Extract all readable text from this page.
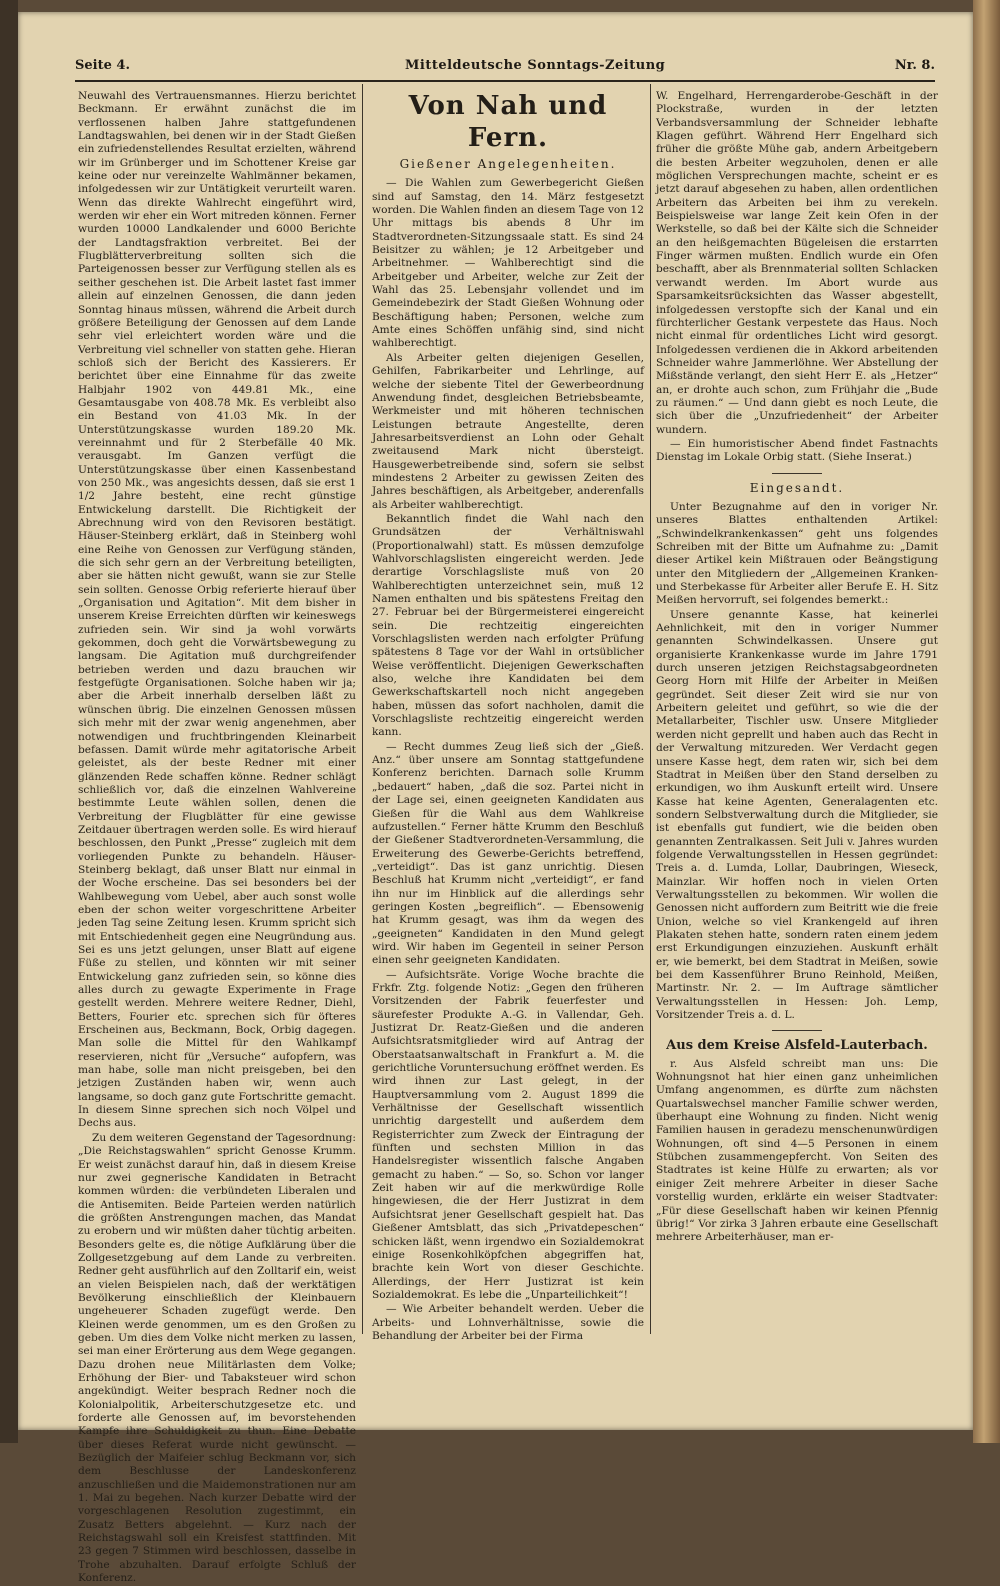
Seite 4.	Mitteldeutsche Sonntags-Zeitung	Nr. 8.

Neuwahl des Vertrauensmannes. Hierzu berichtet Beckmann. Er erwähnt zunächst die im verflossenen halben Jahre stattgefundenen Landtagswahlen, bei denen wir in der Stadt Gießen ein zufriedenstellendes Resultat erzielten, während wir im Grünberger und im Schottener Kreise gar keine oder nur vereinzelte Wahlmänner bekamen, infolgedessen wir zur Untätigkeit verurteilt waren. Wenn das direkte Wahlrecht eingeführt wird, werden wir eher ein Wort mitreden können. Ferner wurden 10000 Landkalender und 6000 Berichte der Landtagsfraktion verbreitet. Bei der Flugblätterverbreitung sollten sich die Parteigenossen besser zur Verfügung stellen als es seither geschehen ist. Die Arbeit lastet fast immer allein auf einzelnen Genossen, die dann jeden Sonntag hinaus müssen, während die Arbeit durch größere Beteiligung der Genossen auf dem Lande sehr viel erleichtert worden wäre und die Verbreitung viel schneller von statten gehe. Hieran schloß sich der Bericht des Kassierers. Er berichtet über eine Einnahme für das zweite Halbjahr 1902 von 449.81 Mk., eine Gesamtausgabe von 408.78 Mk. Es verbleibt also ein Bestand von 41.03 Mk. In der Unterstützungskasse wurden 189.20 Mk. vereinnahmt und für 2 Sterbefälle 40 Mk. verausgabt. Im Ganzen verfügt die Unterstützungskasse über einen Kassenbestand von 250 Mk., was angesichts dessen, daß sie erst 1 1/2 Jahre besteht, eine recht günstige Entwickelung darstellt. Die Richtigkeit der Abrechnung wird von den Revisoren bestätigt. Häuser-Steinberg erklärt, daß in Steinberg wohl eine Reihe von Genossen zur Verfügung ständen, die sich sehr gern an der Verbreitung beteiligten, aber sie hätten nicht gewußt, wann sie zur Stelle sein sollten. Genosse Orbig referierte hierauf über „Organisation und Agitation“. Mit dem bisher in unserem Kreise Erreichten dürften wir keineswegs zufrieden sein. Wir sind ja wohl vorwärts gekommen, doch geht die Vorwärtsbewegung zu langsam. Die Agitation muß durchgreifender betrieben werden und dazu brauchen wir festgefügte Organisationen. Solche haben wir ja; aber die Arbeit innerhalb derselben läßt zu wünschen übrig. Die einzelnen Genossen müssen sich mehr mit der zwar wenig angenehmen, aber notwendigen und fruchtbringenden Kleinarbeit befassen. Damit würde mehr agitatorische Arbeit geleistet, als der beste Redner mit einer glänzenden Rede schaffen könne. Redner schlägt schließlich vor, daß die einzelnen Wahlvereine bestimmte Leute wählen sollen, denen die Verbreitung der Flugblätter für eine gewisse Zeitdauer übertragen werden solle. Es wird hierauf beschlossen, den Punkt „Presse“ zugleich mit dem vorliegenden Punkte zu behandeln. Häuser-Steinberg beklagt, daß unser Blatt nur einmal in der Woche erscheine. Das sei besonders bei der Wahlbewegung vom Uebel, aber auch sonst wolle eben der schon weiter vorgeschrittene Arbeiter jeden Tag seine Zeitung lesen. Krumm spricht sich mit Entschiedenheit gegen eine Neugründung aus. Sei es uns jetzt gelungen, unser Blatt auf eigene Füße zu stellen, und könnten wir mit seiner Entwickelung ganz zufrieden sein, so könne dies alles durch zu gewagte Experimente in Frage gestellt werden. Mehrere weitere Redner, Diehl, Betters, Fourier etc. sprechen sich für öfteres Erscheinen aus, Beckmann, Bock, Orbig dagegen. Man solle die Mittel für den Wahlkampf reservieren, nicht für „Versuche“ aufopfern, was man habe, solle man nicht preisgeben, bei den jetzigen Zuständen haben wir, wenn auch langsame, so doch ganz gute Fortschritte gemacht. In diesem Sinne sprechen sich noch Völpel und Dechs aus.

Zu dem weiteren Gegenstand der Tagesordnung: „Die Reichstagswahlen“ spricht Genosse Krumm. Er weist zunächst darauf hin, daß in diesem Kreise nur zwei gegnerische Kandidaten in Betracht kommen würden: die verbündeten Liberalen und die Antisemiten. Beide Parteien werden natürlich die größten Anstrengungen machen, das Mandat zu erobern und wir müßten daher tüchtig arbeiten. Besonders gelte es, die nötige Aufklärung über die Zollgesetzgebung auf dem Lande zu verbreiten. Redner geht ausführlich auf den Zolltarif ein, weist an vielen Beispielen nach, daß der werktätigen Bevölkerung einschließlich der Kleinbauern ungeheuerer Schaden zugefügt werde. Den Kleinen werde genommen, um es den Großen zu geben. Um dies dem Volke nicht merken zu lassen, sei man einer Erörterung aus dem Wege gegangen. Dazu drohen neue Militärlasten dem Volke; Erhöhung der Bier- und Tabaksteuer wird schon angekündigt. Weiter besprach Redner noch die Kolonialpolitik, Arbeiterschutzgesetze etc. und forderte alle Genossen auf, im bevorstehenden Kampfe ihre Schuldigkeit zu thun. Eine Debatte über dieses Referat wurde nicht gewünscht. — Bezüglich der Maifeier schlug Beckmann vor, sich dem Beschlusse der Landeskonferenz anzuschließen und die Maidemonstrationen nur am 1. Mai zu begehen. Nach kurzer Debatte wird der vorgeschlagenen Resolution zugestimmt, ein Zusatz Betters abgelehnt. — Kurz nach der Reichstagswahl soll ein Kreisfest stattfinden. Mit 23 gegen 7 Stimmen wird beschlossen, dasselbe in Trohe abzuhalten. Darauf erfolgte Schluß der Konferenz.

Von Nah und Fern.
Gießener Angelegenheiten.

— Die Wahlen zum Gewerbegericht Gießen sind auf Samstag, den 14. März festgesetzt worden. Die Wahlen finden an diesem Tage von 12 Uhr mittags bis abends 8 Uhr im Stadtverordneten-Sitzungssaale statt. Es sind 24 Beisitzer zu wählen; je 12 Arbeitgeber und Arbeitnehmer. — Wahlberechtigt sind die Arbeitgeber und Arbeiter, welche zur Zeit der Wahl das 25. Lebensjahr vollendet und im Gemeindebezirk der Stadt Gießen Wohnung oder Beschäftigung haben; Personen, welche zum Amte eines Schöffen unfähig sind, sind nicht wahlberechtigt.

Als Arbeiter gelten diejenigen Gesellen, Gehilfen, Fabrikarbeiter und Lehrlinge, auf welche der siebente Titel der Gewerbeordnung Anwendung findet, desgleichen Betriebsbeamte, Werkmeister und mit höheren technischen Leistungen betraute Angestellte, deren Jahresarbeitsverdienst an Lohn oder Gehalt zweitausend Mark nicht übersteigt. Hausgewerbetreibende sind, sofern sie selbst mindestens 2 Arbeiter zu gewissen Zeiten des Jahres beschäftigen, als Arbeitgeber, anderenfalls als Arbeiter wahlberechtigt.

Bekanntlich findet die Wahl nach den Grundsätzen der Verhältniswahl (Proportionalwahl) statt. Es müssen demzufolge Wahlvorschlagslisten eingereicht werden. Jede derartige Vorschlagsliste muß von 20 Wahlberechtigten unterzeichnet sein, muß 12 Namen enthalten und bis spätestens Freitag den 27. Februar bei der Bürgermeisterei eingereicht sein. Die rechtzeitig eingereichten Vorschlagslisten werden nach erfolgter Prüfung spätestens 8 Tage vor der Wahl in ortsüblicher Weise veröffentlicht. Diejenigen Gewerkschaften also, welche ihre Kandidaten bei dem Gewerkschaftskartell noch nicht angegeben haben, müssen das sofort nachholen, damit die Vorschlagsliste rechtzeitig eingereicht werden kann.

— Recht dummes Zeug ließ sich der „Gieß. Anz.“ über unsere am Sonntag stattgefundene Konferenz berichten. Darnach solle Krumm „bedauert“ haben, „daß die soz. Partei nicht in der Lage sei, einen geeigneten Kandidaten aus Gießen für die Wahl aus dem Wahlkreise aufzustellen.“ Ferner hätte Krumm den Beschluß der Gießener Stadtverordneten-Versammlung, die Erweiterung des Gewerbe-Gerichts betreffend, „verteidigt“. Das ist ganz unrichtig. Diesen Beschluß hat Krumm nicht „verteidigt“, er fand ihn nur im Hinblick auf die allerdings sehr geringen Kosten „begreiflich“. — Ebensowenig hat Krumm gesagt, was ihm da wegen des „geeigneten“ Kandidaten in den Mund gelegt wird. Wir haben im Gegenteil in seiner Person einen sehr geeigneten Kandidaten.

— Aufsichtsräte. Vorige Woche brachte die Frkfr. Ztg. folgende Notiz: „Gegen den früheren Vorsitzenden der Fabrik feuerfester und säurefester Produkte A.-G. in Vallendar, Geh. Justizrat Dr. Reatz-Gießen und die anderen Aufsichtsratsmitglieder wird auf Antrag der Oberstaatsanwaltschaft in Frankfurt a. M. die gerichtliche Voruntersuchung eröffnet werden. Es wird ihnen zur Last gelegt, in der Hauptversammlung vom 2. August 1899 die Verhältnisse der Gesellschaft wissentlich unrichtig dargestellt und außerdem dem Registerrichter zum Zweck der Eintragung der fünften und sechsten Million in das Handelsregister wissentlich falsche Angaben gemacht zu haben.“ — So, so. Schon vor langer Zeit haben wir auf die merkwürdige Rolle hingewiesen, die der Herr Justizrat in dem Aufsichtsrat jener Gesellschaft gespielt hat. Das Gießener Amtsblatt, das sich „Privatdepeschen“ schicken läßt, wenn irgendwo ein Sozialdemokrat einige Rosenkohlköpfchen abgegriffen hat, brachte kein Wort von dieser Geschichte. Allerdings, der Herr Justizrat ist kein Sozialdemokrat. Es lebe die „Unparteilichkeit“!

— Wie Arbeiter behandelt werden. Ueber die Arbeits- und Lohnverhältnisse, sowie die Behandlung der Arbeiter bei der Firma

W. Engelhard, Herrengarderobe-Geschäft in der Plockstraße, wurden in der letzten Verbandsversammlung der Schneider lebhafte Klagen geführt. Während Herr Engelhard sich früher die größte Mühe gab, andern Arbeitgebern die besten Arbeiter wegzuholen, denen er alle möglichen Versprechungen machte, scheint er es jetzt darauf abgesehen zu haben, allen ordentlichen Arbeitern das Arbeiten bei ihm zu verekeln. Beispielsweise war lange Zeit kein Ofen in der Werkstelle, so daß bei der Kälte sich die Schneider an den heißgemachten Bügeleisen die erstarrten Finger wärmen mußten. Endlich wurde ein Ofen beschafft, aber als Brennmaterial sollten Schlacken verwandt werden. Im Abort wurde aus Sparsamkeitsrücksichten das Wasser abgestellt, infolgedessen verstopfte sich der Kanal und ein fürchterlicher Gestank verpestete das Haus. Noch nicht einmal für ordentliches Licht wird gesorgt. Infolgedessen verdienen die in Akkord arbeitenden Schneider wahre Jammerlöhne. Wer Abstellung der Mißstände verlangt, den sieht Herr E. als „Hetzer“ an, er drohte auch schon, zum Frühjahr die „Bude zu räumen.“ — Und dann giebt es noch Leute, die sich über die „Unzufriedenheit“ der Arbeiter wundern.

— Ein humoristischer Abend findet Fastnachts Dienstag im Lokale Orbig statt. (Siehe Inserat.)

Eingesandt.

Unter Bezugnahme auf den in voriger Nr. unseres Blattes enthaltenden Artikel: „Schwindelkrankenkassen“ geht uns folgendes Schreiben mit der Bitte um Aufnahme zu: „Damit dieser Artikel kein Mißtrauen oder Beängstigung unter den Mitgliedern der „Allgemeinen Kranken- und Sterbekasse für Arbeiter aller Berufe E. H. Sitz Meißen hervorruft, sei folgendes bemerkt.:

Unsere genannte Kasse, hat keinerlei Aehnlichkeit, mit den in voriger Nummer genannten Schwindelkassen. Unsere gut organisierte Krankenkasse wurde im Jahre 1791 durch unseren jetzigen Reichstagsabgeordneten Georg Horn mit Hilfe der Arbeiter in Meißen gegründet. Seit dieser Zeit wird sie nur von Arbeitern geleitet und geführt, so wie die der Metallarbeiter, Tischler usw. Unsere Mitglieder werden nicht geprellt und haben auch das Recht in der Verwaltung mitzureden. Wer Verdacht gegen unsere Kasse hegt, dem raten wir, sich bei dem Stadtrat in Meißen über den Stand derselben zu erkundigen, wo ihm Auskunft erteilt wird. Unsere Kasse hat keine Agenten, Generalagenten etc. sondern Selbstverwaltung durch die Mitglieder, sie ist ebenfalls gut fundiert, wie die beiden oben genannten Zentralkassen. Seit Juli v. Jahres wurden folgende Verwaltungsstellen in Hessen gegründet: Treis a. d. Lumda, Lollar, Daubringen, Wieseck, Mainzlar. Wir hoffen noch in vielen Orten Verwaltungsstellen zu bekommen. Wir wollen die Genossen nicht auffordern zum Beitritt wie die freie Union, welche so viel Krankengeld auf ihren Plakaten stehen hatte, sondern raten einem jedem erst Erkundigungen einzuziehen. Auskunft erhält er, wie bemerkt, bei dem Stadtrat in Meißen, sowie bei dem Kassenführer Bruno Reinhold, Meißen, Martinstr. Nr. 2. — Im Auftrage sämtlicher Verwaltungsstellen in Hessen: Joh. Lemp, Vorsitzender Treis a. d. L.

Aus dem Kreise Alsfeld-Lauterbach.

r. Aus Alsfeld schreibt man uns: Die Wohnungsnot hat hier einen ganz unheimlichen Umfang angenommen, es dürfte zum nächsten Quartalswechsel mancher Familie schwer werden, überhaupt eine Wohnung zu finden. Nicht wenig Familien hausen in geradezu menschenunwürdigen Wohnungen, oft sind 4—5 Personen in einem Stübchen zusammengepfercht. Von Seiten des Stadtrates ist keine Hülfe zu erwarten; als vor einiger Zeit mehrere Arbeiter in dieser Sache vorstellig wurden, erklärte ein weiser Stadtvater: „Für diese Gesellschaft haben wir keinen Pfennig übrig!“ Vor zirka 3 Jahren erbaute eine Gesellschaft mehrere Arbeiterhäuser, man er-
